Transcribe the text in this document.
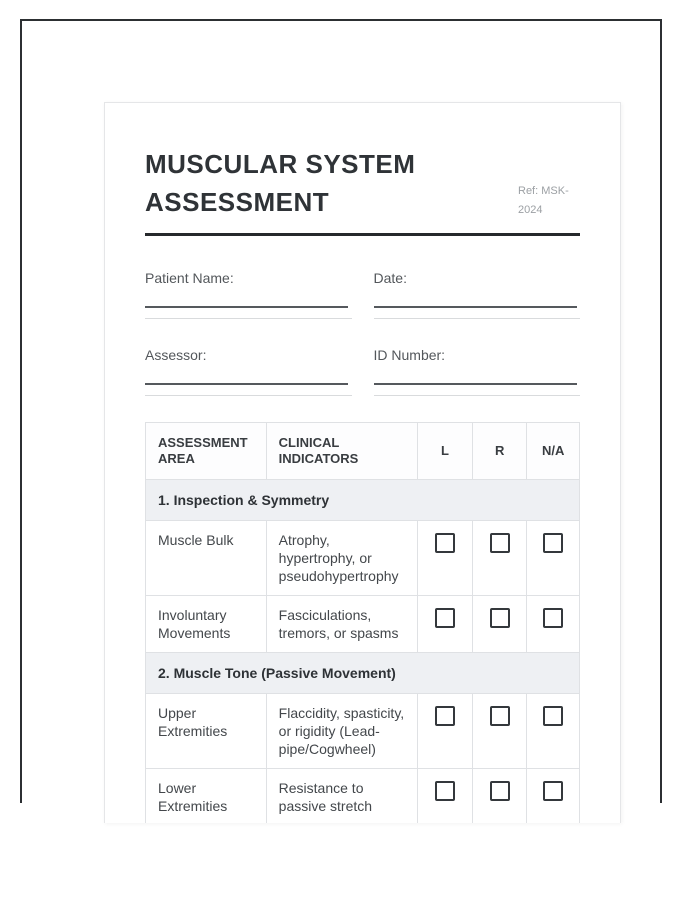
MUSCULAR SYSTEM ASSESSMENT	Ref: MSK-2024
Patient Name:	Date:
Assessor:	ID Number:
ASSESSMENT AREA	CLINICAL INDICATORS	L	R	N/A
1. Inspection & Symmetry				
Muscle Bulk	Atrophy, hypertrophy, or pseudohypertrophy			
Involuntary Movements	Fasciculations, tremors, or spasms			
2. Muscle Tone (Passive Movement)				
Upper Extremities	Flaccidity, spasticity, or rigidity (Lead-pipe/Cogwheel)			
Lower Extremities	Resistance to passive stretch			
